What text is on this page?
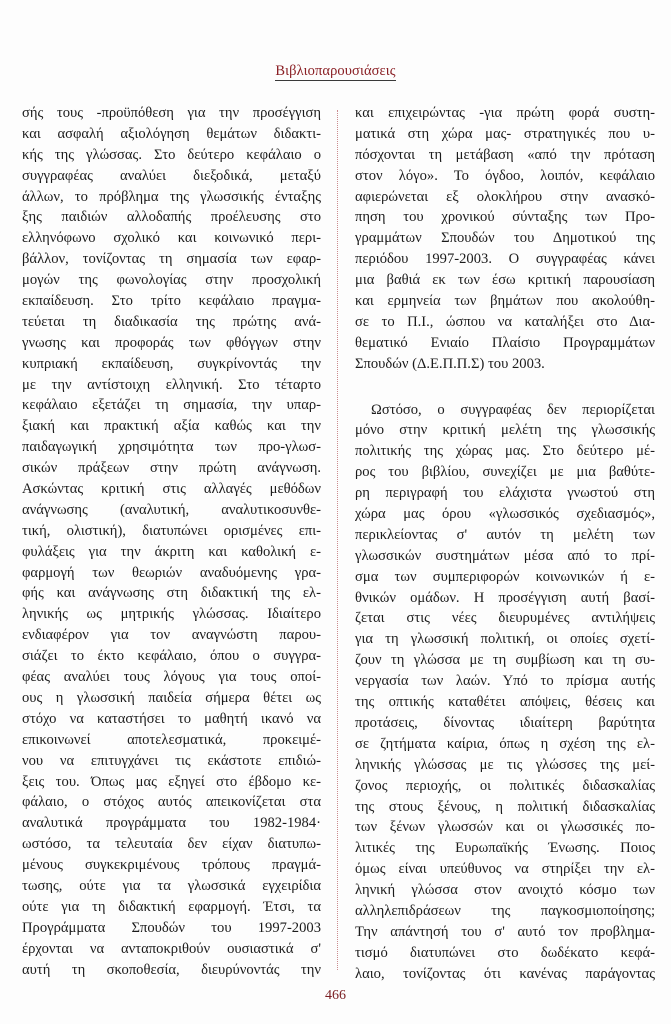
Βιβλιοπαρουσιάσεις
σής τους -προϋπόθεση για την προσέγγιση
και ασφαλή αξιολόγηση θεμάτων διδακτι-
κής της γλώσσας. Στο δεύτερο κεφάλαιο ο
συγγραφέας αναλύει διεξοδικά, μεταξύ
άλλων, το πρόβλημα της γλωσσικής ένταξης
ξης παιδιών αλλοδαπής προέλευσης στο
ελληνόφωνο σχολικό και κοινωνικό περι-
βάλλον, τονίζοντας τη σημασία των εφαρ-
μογών της φωνολογίας στην προσχολική
εκπαίδευση. Στο τρίτο κεφάλαιο πραγμα-
τεύεται τη διαδικασία της πρώτης ανά-
γνωσης και προφοράς των φθόγγων στην
κυπριακή εκπαίδευση, συγκρίνοντάς την
με την αντίστοιχη ελληνική. Στο τέταρτο
κεφάλαιο εξετάζει τη σημασία, την υπαρ-
ξιακή και πρακτική αξία καθώς και την
παιδαγωγική χρησιμότητα των προ-γλωσ-
σικών πράξεων στην πρώτη ανάγνωση.
Ασκώντας κριτική στις αλλαγές μεθόδων
ανάγνωσης (αναλυτική, αναλυτικοσυνθε-
τική, ολιστική), διατυπώνει ορισμένες επι-
φυλάξεις για την άκριτη και καθολική ε-
φαρμογή των θεωριών αναδυόμενης γρα-
φής και ανάγνωσης στη διδακτική της ελ-
ληνικής ως μητρικής γλώσσας. Ιδιαίτερο
ενδιαφέρον για τον αναγνώστη παρου-
σιάζει το έκτο κεφάλαιο, όπου ο συγγρα-
φέας αναλύει τους λόγους για τους οποί-
ους η γλωσσική παιδεία σήμερα θέτει ως
στόχο να καταστήσει το μαθητή ικανό να
επικοινωνεί αποτελεσματικά, προκειμέ-
νου να επιτυγχάνει τις εκάστοτε επιδιώ-
ξεις του. Όπως μας εξηγεί στο έβδομο κε-
φάλαιο, ο στόχος αυτός απεικονίζεται στα
αναλυτικά προγράμματα του 1982-1984·
ωστόσο, τα τελευταία δεν είχαν διατυπω-
μένους συγκεκριμένους τρόπους πραγμά-
τωσης, ούτε για τα γλωσσικά εγχειρίδια
ούτε για τη διδακτική εφαρμογή. Έτσι, τα
Προγράμματα Σπουδών του 1997-2003
έρχονται να ανταποκριθούν ουσιαστικά σ'
αυτή τη σκοποθεσία, διευρύνοντάς την
και επιχειρώντας -για πρώτη φορά συστη-
ματικά στη χώρα μας- στρατηγικές που υ-
πόσχονται τη μετάβαση «από την πρόταση
στον λόγο». Το όγδοο, λοιπόν, κεφάλαιο
αφιερώνεται εξ ολοκλήρου στην ανασκό-
πηση του χρονικού σύνταξης των Προ-
γραμμάτων Σπουδών του Δημοτικού της
περιόδου 1997-2003. Ο συγγραφέας κάνει
μια βαθιά εκ των έσω κριτική παρουσίαση
και ερμηνεία των βημάτων που ακολούθη-
σε το Π.Ι., ώσπου να καταλήξει στο Δια-
θεματικό Ενιαίο Πλαίσιο Προγραμμάτων
Σπουδών (Δ.Ε.Π.Π.Σ) του 2003.
Ωστόσο, ο συγγραφέας δεν περιορίζεται
μόνο στην κριτική μελέτη της γλωσσικής
πολιτικής της χώρας μας. Στο δεύτερο μέ-
ρος του βιβλίου, συνεχίζει με μια βαθύτε-
ρη περιγραφή του ελάχιστα γνωστού στη
χώρα μας όρου «γλωσσικός σχεδιασμός»,
περικλείοντας σ' αυτόν τη μελέτη των
γλωσσικών συστημάτων μέσα από το πρί-
σμα των συμπεριφορών κοινωνικών ή ε-
θνικών ομάδων. Η προσέγγιση αυτή βασί-
ζεται στις νέες διευρυμένες αντιλήψεις
για τη γλωσσική πολιτική, οι οποίες σχετί-
ζουν τη γλώσσα με τη συμβίωση και τη συ-
νεργασία των λαών. Υπό το πρίσμα αυτής
της οπτικής καταθέτει απόψεις, θέσεις και
προτάσεις, δίνοντας ιδιαίτερη βαρύτητα
σε ζητήματα καίρια, όπως η σχέση της ελ-
ληνικής γλώσσας με τις γλώσσες της μεί-
ζονος περιοχής, οι πολιτικές διδασκαλίας
της στους ξένους, η πολιτική διδασκαλίας
των ξένων γλωσσών και οι γλωσσικές πο-
λιτικές της Ευρωπαϊκής Ένωσης. Ποιος
όμως είναι υπεύθυνος να στηρίξει την ελ-
ληνική γλώσσα στον ανοιχτό κόσμο των
αλληλεπιδράσεων της παγκοσμιοποίησης;
Την απάντησή του σ' αυτό τον προβλημα-
τισμό διατυπώνει στο δωδέκατο κεφά-
λαιο, τονίζοντας ότι κανένας παράγοντας
466
